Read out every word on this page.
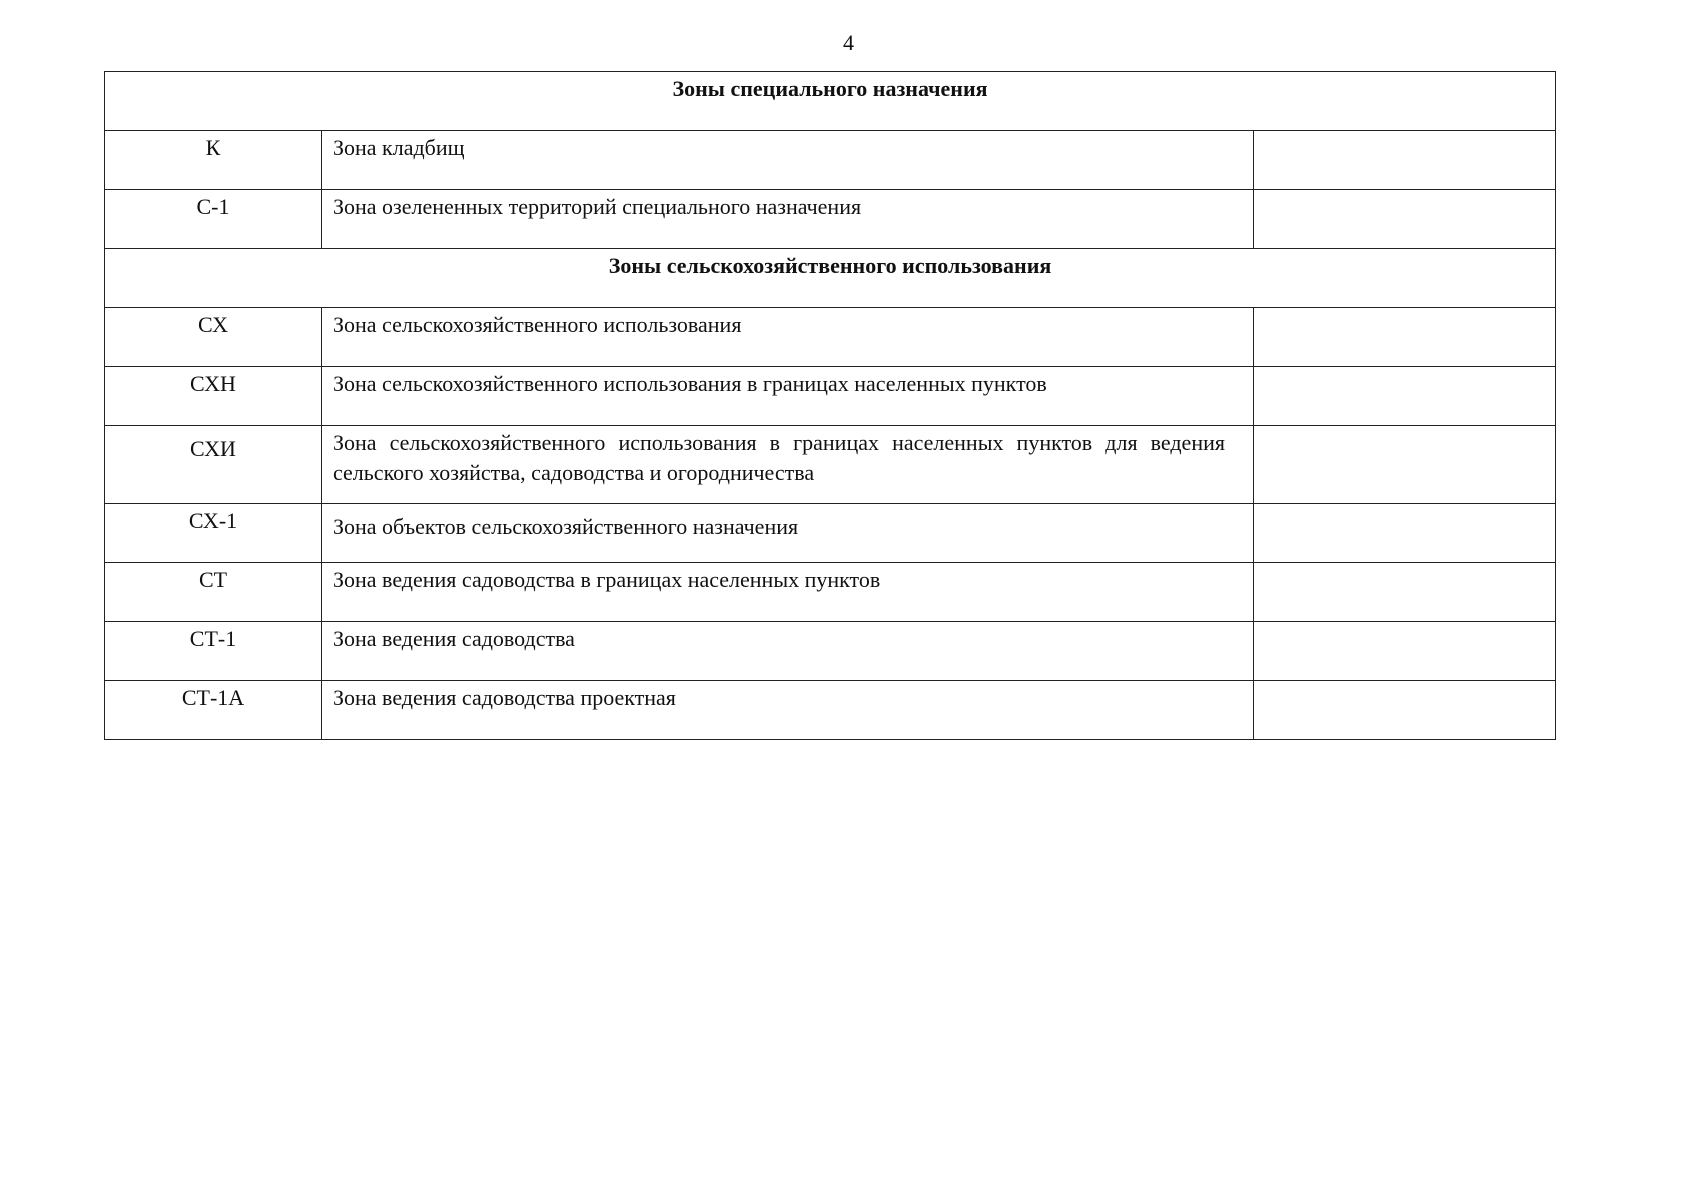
4
Зоны специального назначения		
К	Зона кладбищ	
С-1	Зона озелененных территорий специального назначения	
Зоны сельскохозяйственного использования		
СХ	Зона сельскохозяйственного использования	
СХН	Зона сельскохозяйственного использования в границах населенных пунктов	
СХИ	Зона сельскохозяйственного использования в границах населенных пунктов для ведения сельского хозяйства, садоводства и огородничества	
СХ-1	Зона объектов сельскохозяйственного назначения	
СТ	Зона ведения садоводства в границах населенных пунктов	
СТ-1	Зона ведения садоводства	
СТ-1А	Зона ведения садоводства проектная	
